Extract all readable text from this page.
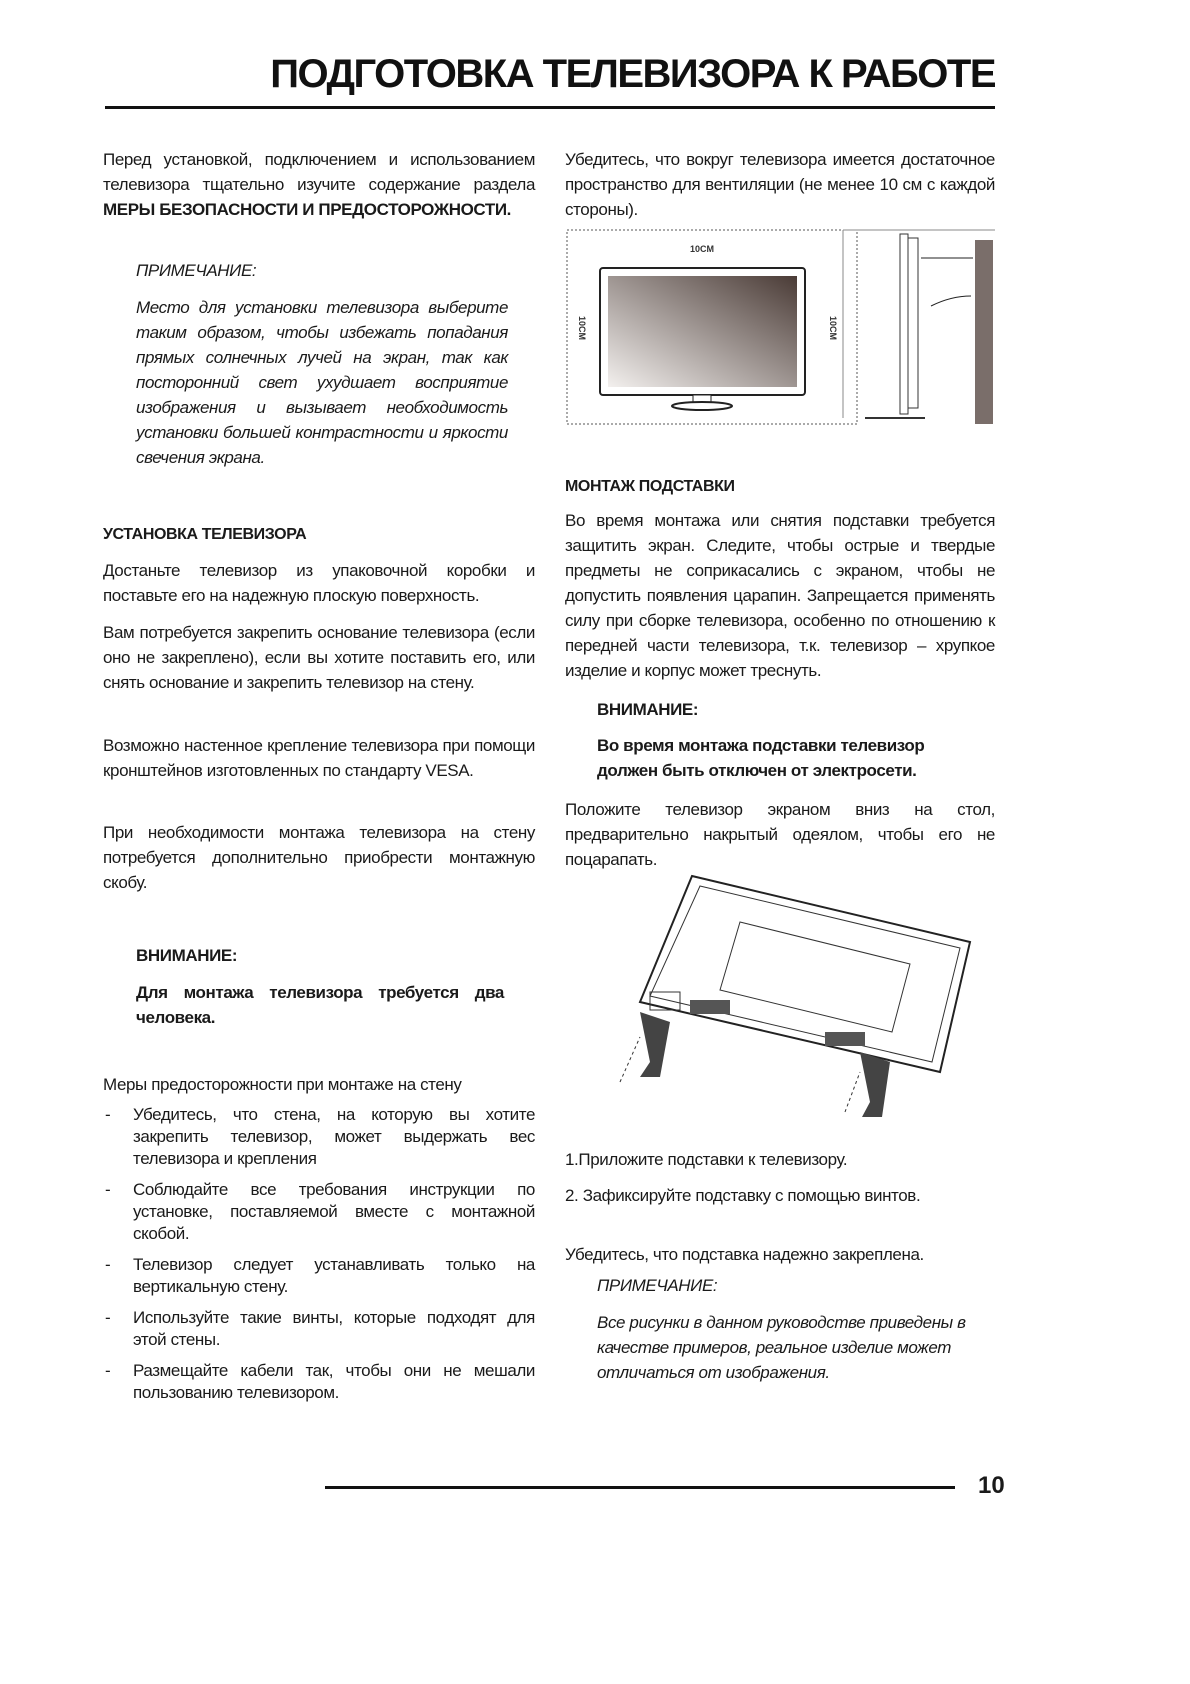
ПОДГОТОВКА ТЕЛЕВИЗОРА К РАБОТЕ
Перед установкой, подключением и использованием телевизора тщательно изучите содержание раздела МЕРЫ БЕЗОПАСНОСТИ И ПРЕДОСТОРОЖНОСТИ.
ПРИМЕЧАНИЕ:
Место для установки телевизора выберите таким образом, чтобы избежать попадания прямых солнечных лучей на экран, так как посторонний свет ухудшает восприятие изображения и вызывает необходимость установки большей контрастности и яркости свечения экрана.
УСТАНОВКА ТЕЛЕВИЗОРА
Достаньте телевизор из упаковочной коробки и поставьте его на надежную плоскую поверхность.
Вам потребуется закрепить основание телевизора (если оно не закреплено), если вы хотите поставить его, или снять основание и закрепить телевизор на стену.
Возможно настенное крепление телевизора при помощи кронштейнов изготовленных по стандарту VESA.
При необходимости монтажа телевизора на стену потребуется дополнительно приобрести монтажную скобу.
ВНИМАНИЕ:
Для монтажа телевизора требуется два человека.
Меры предосторожности при монтаже на стену
- Убедитесь, что стена, на которую вы хотите закрепить телевизор, может выдержать вес телевизора и крепления
- Соблюдайте все требования инструкции по установке, поставляемой вместе с монтажной скобой.
- Телевизор следует устанавливать только на вертикальную стену.
- Используйте такие винты, которые подходят для этой стены.
- Размещайте кабели так, чтобы они не мешали пользованию телевизором.
Убедитесь, что вокруг телевизора имеется достаточное пространство для вентиляции (не менее 10 см с каждой стороны).
10CM
10CM	10CM
МОНТАЖ ПОДСТАВКИ
Во время монтажа или снятия подставки требуется защитить экран. Следите, чтобы острые и твердые предметы не соприкасались с экраном, чтобы не допустить появления царапин. Запрещается применять силу при сборке телевизора, особенно по отношению к передней части телевизора, т.к. телевизор – хрупкое изделие и корпус может треснуть.
ВНИМАНИЕ:
Во время монтажа подставки телевизор должен быть отключен от электросети.
Положите телевизор экраном вниз на стол, предварительно накрытый одеялом, чтобы его не поцарапать.
1.Приложите подставки к телевизору.
2. Зафиксируйте подставку с помощью винтов.
Убедитесь, что подставка надежно закреплена.
ПРИМЕЧАНИЕ:
Все рисунки в данном руководстве приведены в качестве примеров, реальное изделие может отличаться от изображения.
10
